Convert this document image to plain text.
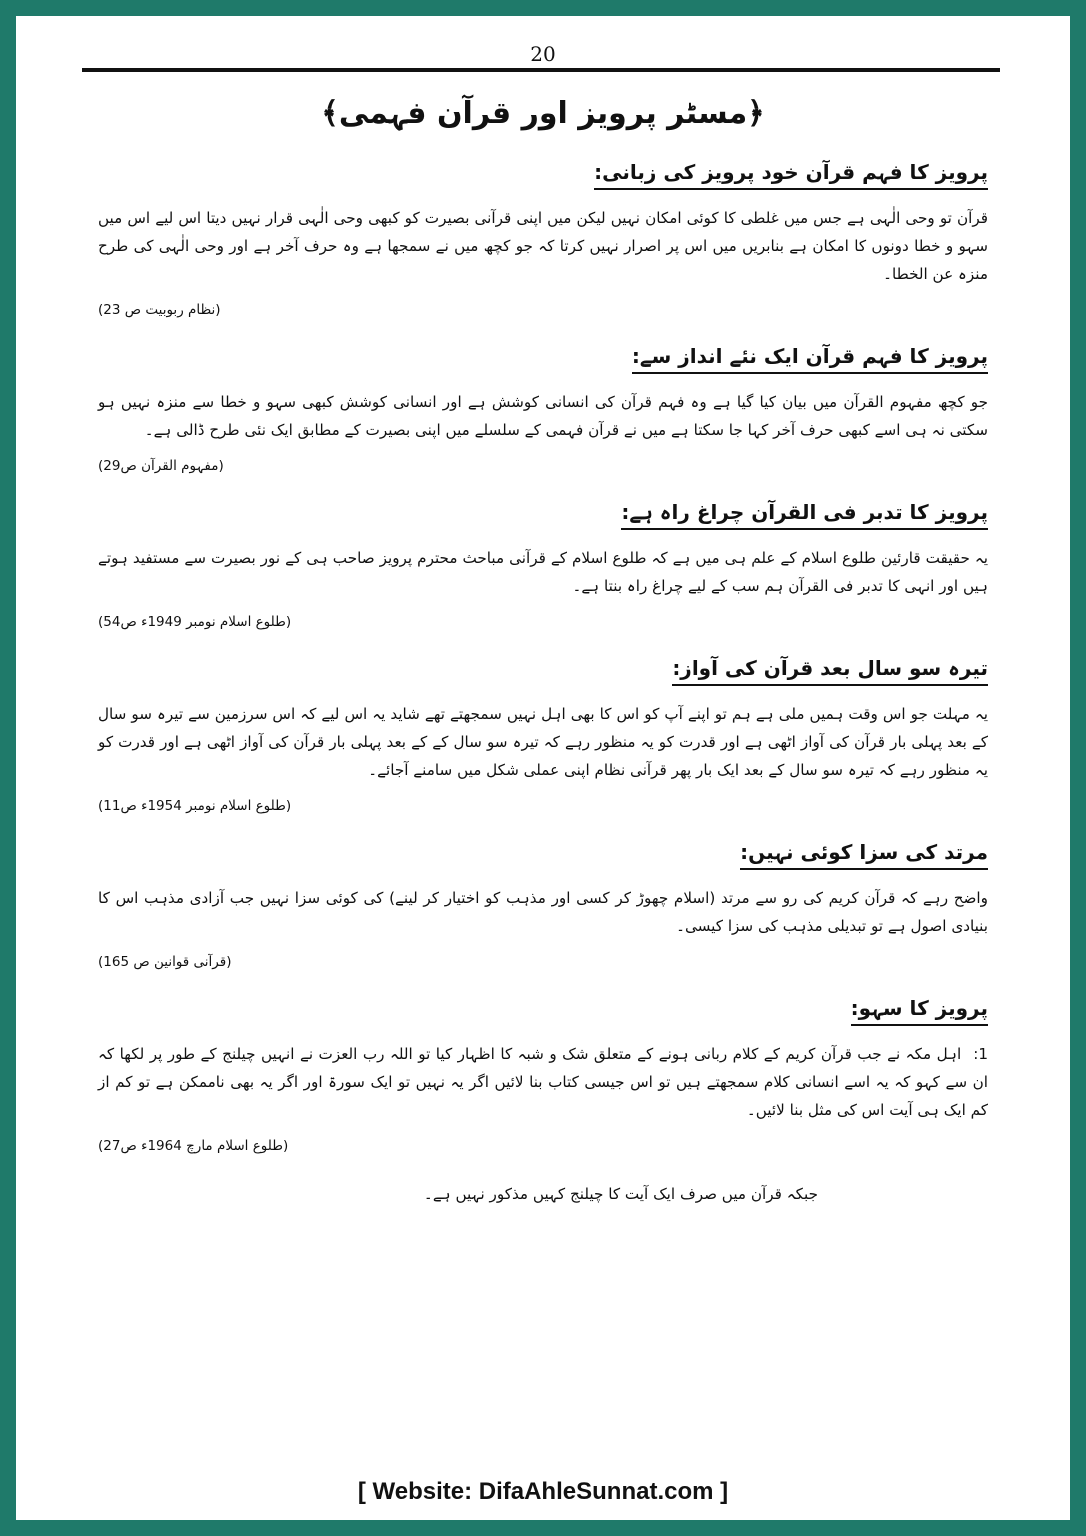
20
﴿مسٹر پرویز اور قرآن فہمی﴾
پرویز کا فہم قرآن خود پرویز کی زبانی:
قرآن تو وحی الٰہی ہے جس میں غلطی کا کوئی امکان نہیں لیکن میں اپنی قرآنی بصیرت کو کبھی وحی الٰہی قرار نہیں دیتا اس لیے اس میں سہو و خطا دونوں کا امکان ہے بنابریں میں اس پر اصرار نہیں کرتا کہ جو کچھ میں نے سمجھا ہے وہ حرف آخر ہے اور وحی الٰہی کی طرح منزہ عن الخطا۔
(نظام ربوبیت ص 23)
پرویز کا فہم قرآن ایک نئے انداز سے:
جو کچھ مفہوم القرآن میں بیان کیا گیا ہے وہ فہم قرآن کی انسانی کوشش ہے اور انسانی کوشش کبھی سہو و خطا سے منزہ نہیں ہو سکتی نہ ہی اسے کبھی حرف آخر کہا جا سکتا ہے میں نے قرآن فہمی کے سلسلے میں اپنی بصیرت کے مطابق ایک نئی طرح ڈالی ہے۔
(مفہوم القرآن ص29)
پرویز کا تدبر فی القرآن چراغ راہ ہے:
یہ حقیقت قارئین طلوع اسلام کے علم ہی میں ہے کہ طلوع اسلام کے قرآنی مباحث محترم پرویز صاحب ہی کے نور بصیرت سے مستفید ہوتے ہیں اور انہی کا تدبر فی القرآن ہم سب کے لیے چراغ راہ بنتا ہے۔
(طلوع اسلام نومبر 1949ء ص54)
تیرہ سو سال بعد قرآن کی آواز:
یہ مہلت جو اس وقت ہمیں ملی ہے ہم تو اپنے آپ کو اس کا بھی اہل نہیں سمجھتے تھے شاید یہ اس لیے کہ اس سرزمین سے تیرہ سو سال کے بعد پہلی بار قرآن کی آواز اٹھی ہے اور قدرت کو یہ منظور رہے کہ تیرہ سو سال کے کے بعد پہلی بار قرآن کی آواز اٹھی ہے اور قدرت کو یہ منظور رہے کہ تیرہ سو سال کے بعد ایک بار پھر قرآنی نظام اپنی عملی شکل میں سامنے آجائے۔
(طلوع اسلام نومبر 1954ء ص11)
مرتد کی سزا کوئی نہیں:
واضح رہے کہ قرآن کریم کی رو سے مرتد (اسلام چھوڑ کر کسی اور مذہب کو اختیار کر لینے) کی کوئی سزا نہیں جب آزادی مذہب اس کا بنیادی اصول ہے تو تبدیلی مذہب کی سزا کیسی۔
(قرآنی قوانین ص 165)
پرویز کا سہو:
1:اہل مکہ نے جب قرآن کریم کے کلام ربانی ہونے کے متعلق شک و شبہ کا اظہار کیا تو اللہ رب العزت نے انہیں چیلنج کے طور پر لکھا کہ ان سے کہو کہ یہ اسے انسانی کلام سمجھتے ہیں تو اس جیسی کتاب بنا لائیں اگر یہ نہیں تو ایک سورۃ اور اگر یہ بھی ناممکن ہے تو کم از کم ایک ہی آیت اس کی مثل بنا لائیں۔
(طلوع اسلام مارچ 1964ء ص27)
جبکہ قرآن میں صرف ایک آیت کا چیلنج کہیں مذکور نہیں ہے۔
[ Website: DifaAhleSunnat.com ]
